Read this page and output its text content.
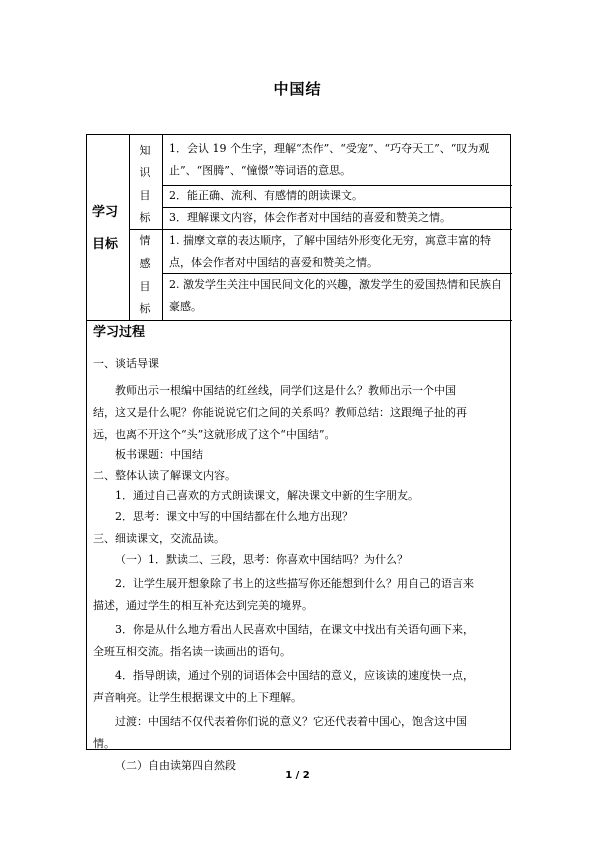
中国结
学习
目标
知
识
目
标
情
感
目
标
1．会认 19 个生字，理解“杰作”、“受宠”、“巧夺天工”、“叹为观止”、“图腾”、“憧憬”等词语的意思。
2．能正确、流利、有感情的朗读课文。
3．理解课文内容，体会作者对中国结的喜爱和赞美之情。
1. 揣摩文章的表达顺序，了解中国结外形变化无穷，寓意丰富的特点，体会作者对中国结的喜爱和赞美之情。
2. 激发学生关注中国民间文化的兴趣，激发学生的爱国热情和民族自豪感。
学习过程
一、谈话导课
教师出示一根编中国结的红丝线，同学们这是什么？教师出示一个中国
结，这又是什么呢？你能说说它们之间的关系吗？教师总结：这跟绳子扯的再
远，也离不开这个“头”这就形成了这个“中国结”。
板书课题：中国结
二、整体认读了解课文内容。
1．通过自己喜欢的方式朗读课文，解决课文中新的生字朋友。
2．思考：课文中写的中国结都在什么地方出现？
三、细读课文，交流品读。
（一）1．默读二、三段，思考：你喜欢中国结吗？为什么？
2．让学生展开想象除了书上的这些描写你还能想到什么？用自己的语言来
描述，通过学生的相互补充达到完美的境界。
3．你是从什么地方看出人民喜欢中国结，在课文中找出有关语句画下来，
全班互相交流。指名读一读画出的语句。
4．指导朗读，通过个别的词语体会中国结的意义，应该读的速度快一点，
声音响亮。让学生根据课文中的上下理解。
过渡：中国结不仅代表着你们说的意义？它还代表着中国心，饱含这中国
情。
（二）自由读第四自然段
1 / 2
